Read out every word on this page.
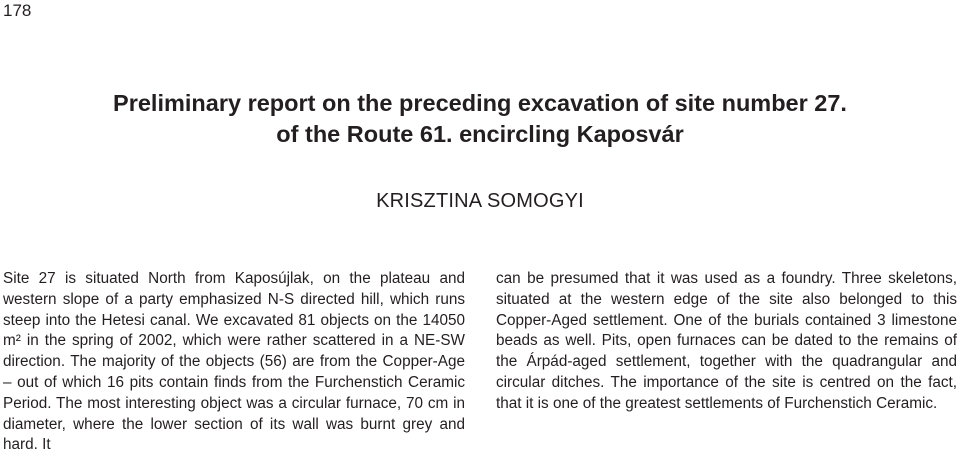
178
Preliminary report on the preceding excavation of site number 27.
of the Route 61. encircling Kaposvár
KRISZTINA SOMOGYI

Site 27 is situated North from Kaposújlak, on the plateau and western slope of a party emphasized N-S directed hill, which runs steep into the Hetesi canal. We excavated 81 objects on the 14050 m² in the spring of 2002, which were rather scattered in a NE-SW direction. The majority of the objects (56) are from the Copper-Age – out of which 16 pits contain finds from the Furchenstich Ceramic Period. The most interesting object was a circular furnace, 70 cm in diameter, where the lower section of its wall was burnt grey and hard. It

can be presumed that it was used as a foundry. Three skeletons, situated at the western edge of the site also belonged to this Copper-Aged settlement. One of the burials contained 3 limestone beads as well. Pits, open furnaces can be dated to the remains of the Árpád-aged settlement, together with the quadrangular and circular ditches. The importance of the site is centred on the fact, that it is one of the greatest settlements of Furchenstich Ceramic.
